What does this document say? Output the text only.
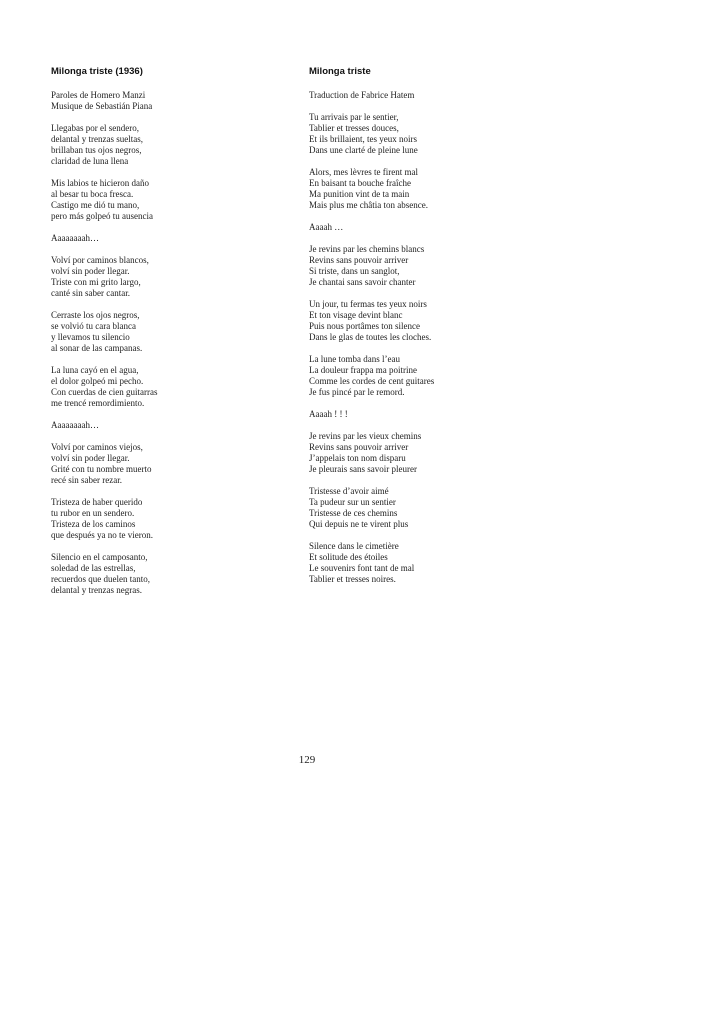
Milonga triste (1936)
Paroles de Homero Manzi
Musique de Sebastián Piana
Llegabas por el sendero,
delantal y trenzas sueltas,
brillaban tus ojos negros,
claridad de luna llena
Mis labios te hicieron daño
al besar tu boca fresca.
Castigo me dió tu mano,
pero más golpeó tu ausencia
Aaaaaaaah…
Volví por caminos blancos,
volví sin poder llegar.
Triste con mi grito largo,
canté sin saber cantar.
Cerraste los ojos negros,
se volvió tu cara blanca
y llevamos tu silencio
al sonar de las campanas.
La luna cayó en el agua,
el dolor golpeó mi pecho.
Con cuerdas de cien guitarras
me trencé remordimiento.
Aaaaaaaah…
Volví por caminos viejos,
volví sin poder llegar.
Grité con tu nombre muerto
recé sin saber rezar.
Tristeza de haber querido
tu rubor en un sendero.
Tristeza de los caminos
que después ya no te vieron.
Silencio en el camposanto,
soledad de las estrellas,
recuerdos que duelen tanto,
delantal y trenzas negras.
Milonga triste
Traduction de Fabrice Hatem
Tu arrivais par le sentier,
Tablier et tresses douces,
Et ils brillaient, tes yeux noirs
Dans une clarté de pleine lune
Alors, mes lèvres te firent mal
En baisant ta bouche fraîche
Ma punition vint de ta main
Mais plus me châtia ton absence.
Aaaah …
Je revins par les chemins blancs
Revins sans pouvoir arriver
Si triste, dans un sanglot,
Je chantai sans savoir chanter
Un jour, tu fermas tes yeux noirs
Et ton visage devint blanc
Puis nous portâmes ton silence
Dans le glas de toutes les cloches.
La lune tomba dans l’eau
La douleur frappa ma poitrine
Comme les cordes de cent guitares
Je fus pincé par le remord.
Aaaah ! ! !
Je revins par les vieux chemins
Revins sans pouvoir arriver
J’appelais ton nom disparu
Je pleurais sans savoir pleurer
Tristesse d’avoir aimé
Ta pudeur sur un sentier
Tristesse de ces chemins
Qui depuis ne te virent plus
Silence dans le cimetière
Et solitude des étoiles
Le souvenirs font tant de mal
Tablier et tresses noires.
129
